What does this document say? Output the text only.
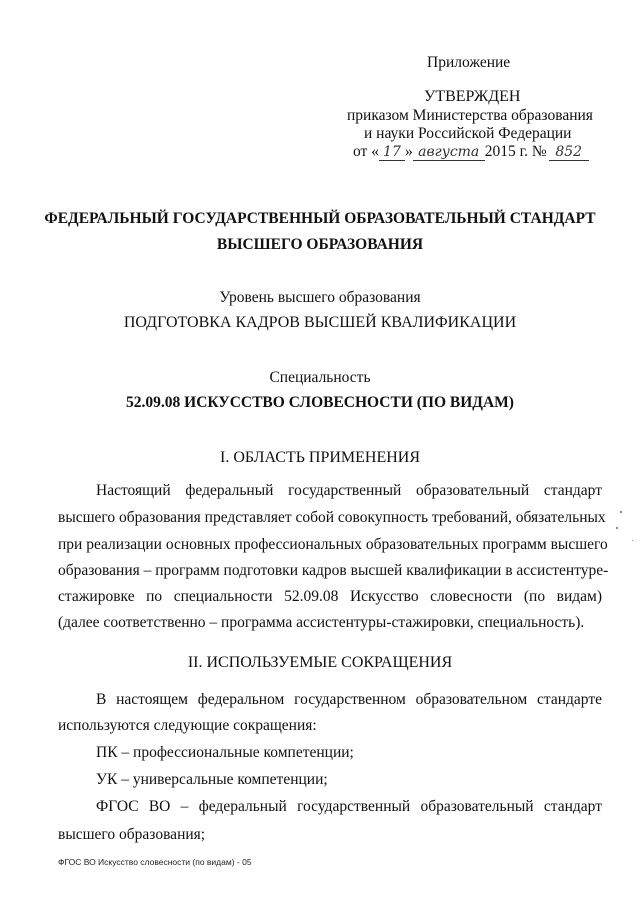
Приложение
УТВЕРЖДЕН
приказом Министерства образования
и науки Российской Федерации
от « 17 » августа 2015 г. № 852
ФЕДЕРАЛЬНЫЙ ГОСУДАРСТВЕННЫЙ ОБРАЗОВАТЕЛЬНЫЙ СТАНДАРТ
ВЫСШЕГО ОБРАЗОВАНИЯ
Уровень высшего образования
ПОДГОТОВКА КАДРОВ ВЫСШЕЙ КВАЛИФИКАЦИИ
Специальность
52.09.08 ИСКУССТВО СЛОВЕСНОСТИ (ПО ВИДАМ)
I. ОБЛАСТЬ ПРИМЕНЕНИЯ
Настоящий федеральный государственный образовательный стандарт
высшего образования представляет собой совокупность требований, обязательных
при реализации основных профессиональных образовательных программ высшего
образования – программ подготовки кадров высшей квалификации в ассистентуре-
стажировке по специальности 52.09.08 Искусство словесности (по видам)
(далее соответственно – программа ассистентуры-стажировки, специальность).
II. ИСПОЛЬЗУЕМЫЕ СОКРАЩЕНИЯ
В настоящем федеральном государственном образовательном стандарте
используются следующие сокращения:
ПК – профессиональные компетенции;
УК – универсальные компетенции;
ФГОС ВО – федеральный государственный образовательный стандарт
высшего образования;
ФГОС ВО Искусство словесности (по видам) - 05
